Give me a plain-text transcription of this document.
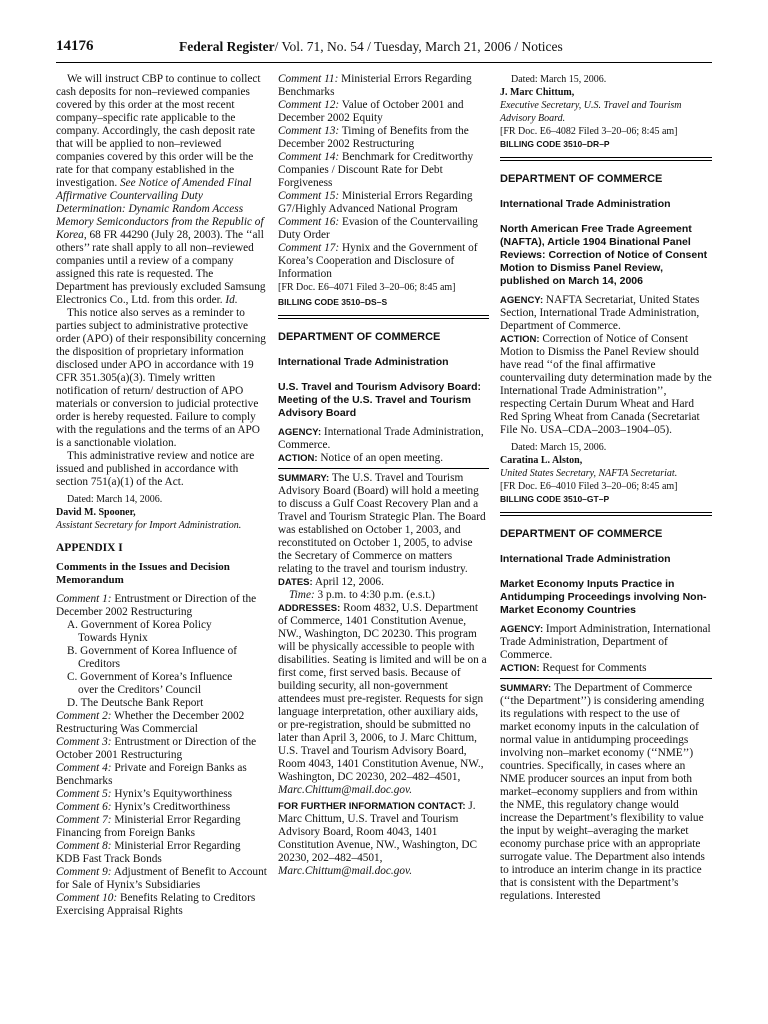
14176	Federal Register/ Vol. 71, No. 54 / Tuesday, March 21, 2006 / Notices

We will instruct CBP to continue to collect cash deposits for non–reviewed companies covered by this order at the most recent company–specific rate applicable to the company. Accordingly, the cash deposit rate that will be applied to non–reviewed companies covered by this order will be the rate for that company established in the investigation. See Notice of Amended Final Affirmative Countervailing Duty Determination: Dynamic Random Access Memory Semiconductors from the Republic of Korea, 68 FR 44290 (July 28, 2003). The ‘‘all others’’ rate shall apply to all non–reviewed companies until a review of a company assigned this rate is requested. The Department has previously excluded Samsung Electronics Co., Ltd. from this order. Id.

This notice also serves as a reminder to parties subject to administrative protective order (APO) of their responsibility concerning the disposition of proprietary information disclosed under APO in accordance with 19 CFR 351.305(a)(3). Timely written notification of return/ destruction of APO materials or conversion to judicial protective order is hereby requested. Failure to comply with the regulations and the terms of an APO is a sanctionable violation.

This administrative review and notice are issued and published in accordance with section 751(a)(1) of the Act.

Dated: March 14, 2006.

David M. Spooner,

Assistant Secretary for Import Administration.

APPENDIX I

Comments in the Issues and Decision Memorandum

Comment 1: Entrustment or Direction of the December 2002 Restructuring

A. Government of Korea Policy

Towards Hynix

B. Government of Korea Influence of

Creditors

C. Government of Korea’s Influence

over the Creditors’ Council

D. The Deutsche Bank Report

Comment 2: Whether the December 2002 Restructuring Was Commercial

Comment 3: Entrustment or Direction of the October 2001 Restructuring

Comment 4: Private and Foreign Banks as Benchmarks

Comment 5: Hynix’s Equityworthiness

Comment 6: Hynix’s Creditworthiness

Comment 7: Ministerial Error Regarding Financing from Foreign Banks

Comment 8: Ministerial Error Regarding KDB Fast Track Bonds

Comment 9: Adjustment of Benefit to Account for Sale of Hynix’s Subsidiaries

Comment 10: Benefits Relating to Creditors Exercising Appraisal Rights

Comment 11: Ministerial Errors Regarding Benchmarks

Comment 12: Value of October 2001 and December 2002 Equity

Comment 13: Timing of Benefits from the December 2002 Restructuring

Comment 14: Benchmark for Creditworthy Companies / Discount Rate for Debt Forgiveness

Comment 15: Ministerial Errors Regarding G7/Highly Advanced National Program

Comment 16: Evasion of the Countervailing Duty Order

Comment 17: Hynix and the Government of Korea’s Cooperation and Disclosure of Information

[FR Doc. E6–4071 Filed 3–20–06; 8:45 am]

BILLING CODE 3510–DS–S

DEPARTMENT OF COMMERCE

International Trade Administration

U.S. Travel and Tourism Advisory Board: Meeting of the U.S. Travel and Tourism Advisory Board

AGENCY: International Trade Administration, Commerce.

ACTION: Notice of an open meeting.

SUMMARY: The U.S. Travel and Tourism Advisory Board (Board) will hold a meeting to discuss a Gulf Coast Recovery Plan and a Travel and Tourism Strategic Plan. The Board was established on October 1, 2003, and reconstituted on October 1, 2005, to advise the Secretary of Commerce on matters relating to the travel and tourism industry.

DATES: April 12, 2006.

Time: 3 p.m. to 4:30 p.m. (e.s.t.)

ADDRESSES: Room 4832, U.S. Department of Commerce, 1401 Constitution Avenue, NW., Washington, DC 20230. This program will be physically accessible to people with disabilities. Seating is limited and will be on a first come, first served basis. Because of building security, all non-government attendees must pre-register. Requests for sign language interpretation, other auxiliary aids, or pre-registration, should be submitted no later than April 3, 2006, to J. Marc Chittum, U.S. Travel and Tourism Advisory Board, Room 4043, 1401 Constitution Avenue, NW., Washington, DC 20230, 202–482–4501,

Marc.Chittum@mail.doc.gov.

FOR FURTHER INFORMATION CONTACT: J. Marc Chittum, U.S. Travel and Tourism Advisory Board, Room 4043, 1401 Constitution Avenue, NW., Washington, DC 20230, 202–482–4501,

Marc.Chittum@mail.doc.gov.

Dated: March 15, 2006.

J. Marc Chittum,

Executive Secretary, U.S. Travel and Tourism Advisory Board.

[FR Doc. E6–4082 Filed 3–20–06; 8:45 am]

BILLING CODE 3510–DR–P

DEPARTMENT OF COMMERCE

International Trade Administration

North American Free Trade Agreement (NAFTA), Article 1904 Binational Panel Reviews: Correction of Notice of Consent Motion to Dismiss Panel Review, published on March 14, 2006

AGENCY: NAFTA Secretariat, United States Section, International Trade Administration, Department of Commerce.

ACTION: Correction of Notice of Consent Motion to Dismiss the Panel Review should have read ‘‘of the final affirmative countervailing duty determination made by the International Trade Administration’’, respecting Certain Durum Wheat and Hard Red Spring Wheat from Canada (Secretariat File No. USA–CDA–2003–1904–05).

Dated: March 15, 2006.

Caratina L. Alston,

United States Secretary, NAFTA Secretariat.

[FR Doc. E6–4010 Filed 3–20–06; 8:45 am]

BILLING CODE 3510–GT–P

DEPARTMENT OF COMMERCE

International Trade Administration

Market Economy Inputs Practice in Antidumping Proceedings involving Non-Market Economy Countries

AGENCY: Import Administration, International Trade Administration, Department of Commerce.

ACTION: Request for Comments

SUMMARY: The Department of Commerce (‘‘the Department’’) is considering amending its regulations with respect to the use of market economy inputs in the calculation of normal value in antidumping proceedings involving non–market economy (‘‘NME’’) countries. Specifically, in cases where an NME producer sources an input from both market–economy suppliers and from within the NME, this regulatory change would increase the Department’s flexibility to value the input by weight–averaging the market economy purchase price with an appropriate surrogate value. The Department also intends to introduce an interim change in its practice that is consistent with the Department’s regulations. Interested
